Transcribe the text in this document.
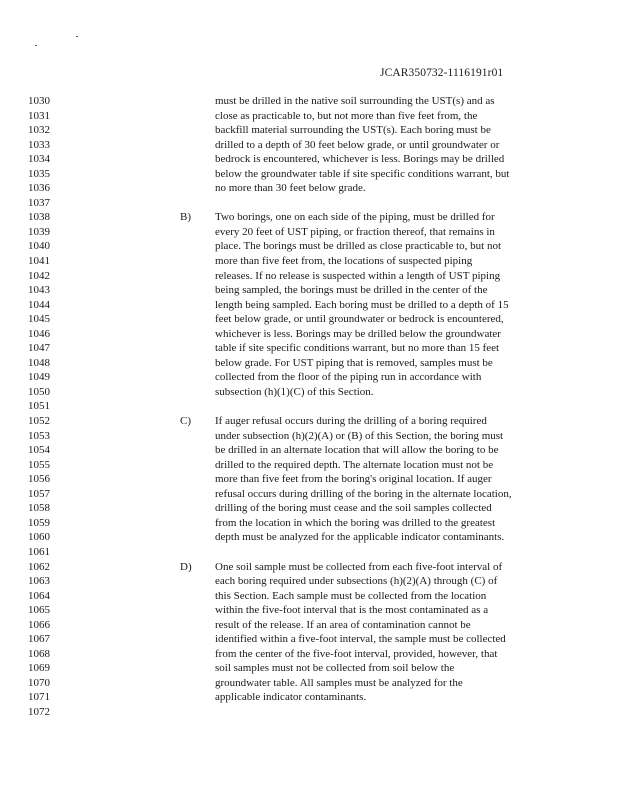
JCAR350732-1116191r01
1030
1031
1032
1033
1034
1035
1036
1037
1038
1039
1040
1041
1042
1043
1044
1045
1046
1047
1048
1049
1050
1051
1052
1053
1054
1055
1056
1057
1058
1059
1060
1061
1062
1063
1064
1065
1066
1067
1068
1069
1070
1071
1072
must be drilled in the native soil surrounding the UST(s) and as
close as practicable to, but not more than five feet from, the
backfill material surrounding the UST(s). Each boring must be
drilled to a depth of 30 feet below grade, or until groundwater or
bedrock is encountered, whichever is less. Borings may be drilled
below the groundwater table if site specific conditions warrant, but
no more than 30 feet below grade.
B) Two borings, one on each side of the piping, must be drilled for
every 20 feet of UST piping, or fraction thereof, that remains in
place. The borings must be drilled as close practicable to, but not
more than five feet from, the locations of suspected piping
releases. If no release is suspected within a length of UST piping
being sampled, the borings must be drilled in the center of the
length being sampled. Each boring must be drilled to a depth of 15
feet below grade, or until groundwater or bedrock is encountered,
whichever is less. Borings may be drilled below the groundwater
table if site specific conditions warrant, but no more than 15 feet
below grade. For UST piping that is removed, samples must be
collected from the floor of the piping run in accordance with
subsection (h)(1)(C) of this Section.
C) If auger refusal occurs during the drilling of a boring required
under subsection (h)(2)(A) or (B) of this Section, the boring must
be drilled in an alternate location that will allow the boring to be
drilled to the required depth. The alternate location must not be
more than five feet from the boring's original location. If auger
refusal occurs during drilling of the boring in the alternate location,
drilling of the boring must cease and the soil samples collected
from the location in which the boring was drilled to the greatest
depth must be analyzed for the applicable indicator contaminants.
D) One soil sample must be collected from each five-foot interval of
each boring required under subsections (h)(2)(A) through (C) of
this Section. Each sample must be collected from the location
within the five-foot interval that is the most contaminated as a
result of the release. If an area of contamination cannot be
identified within a five-foot interval, the sample must be collected
from the center of the five-foot interval, provided, however, that
soil samples must not be collected from soil below the
groundwater table. All samples must be analyzed for the
applicable indicator contaminants.
